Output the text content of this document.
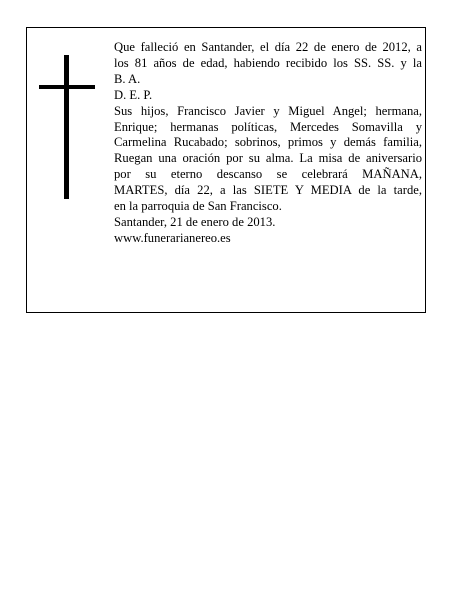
Que falleció en Santander, el día 22 de enero de 2012, a
los 81 años de edad, habiendo recibido los SS. SS. y la
B. A.
D. E. P.
Sus hijos, Francisco Javier y Miguel Angel; hermana,
Enrique; hermanas políticas, Mercedes Somavilla y
Carmelina Rucabado; sobrinos, primos y demás familia,
Ruegan una oración por su alma. La misa de aniversario
por su eterno descanso se celebrará MAÑANA,
MARTES, día 22, a las SIETE Y MEDIA de la tarde,
en la parroquia de San Francisco.
Santander, 21 de enero de 2013.
www.funerarianereo.es
